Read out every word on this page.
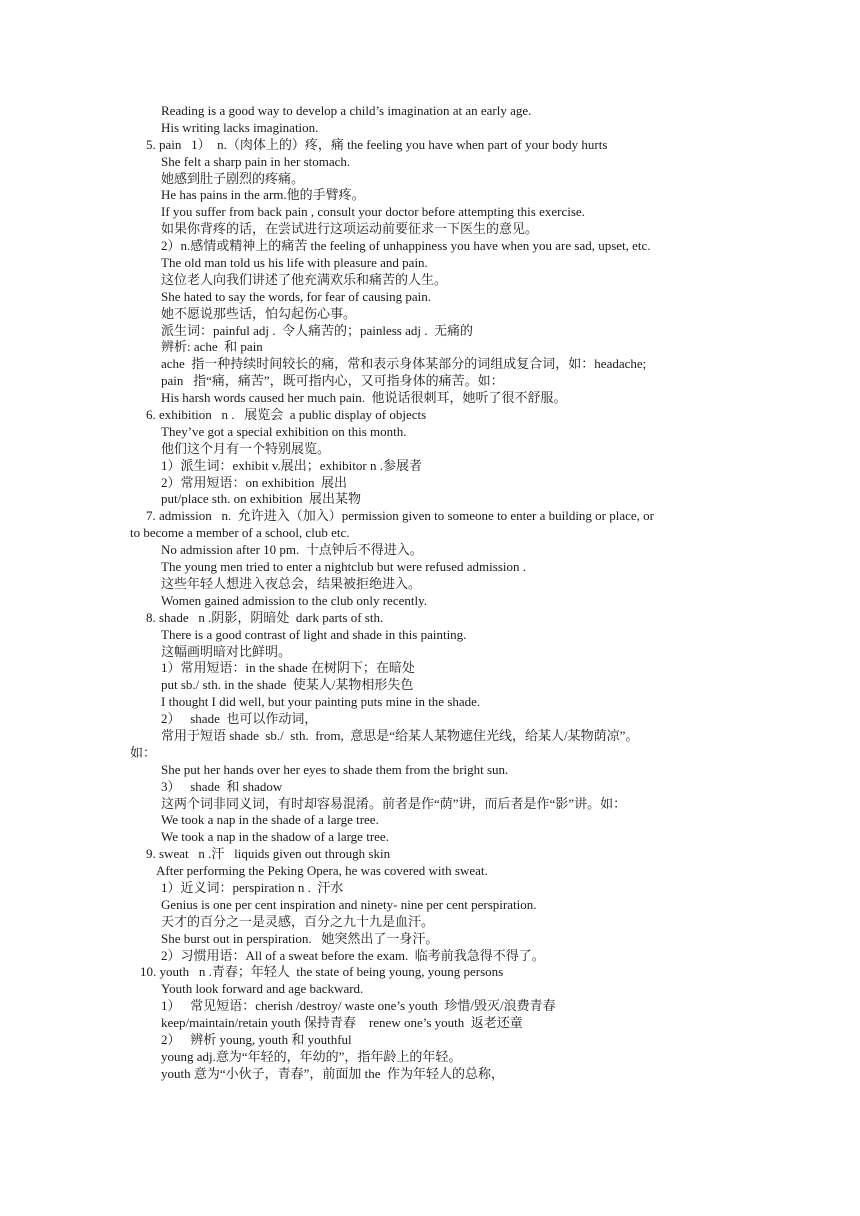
Reading is a good way to develop a child’s imagination at an early age.
His writing lacks imagination.
5. pain   1）  n.（肉体上的）疼，痛 the feeling you have when part of your body hurts
She felt a sharp pain in her stomach.
她感到肚子剧烈的疼痛。
He has pains in the arm.他的手臂疼。
If you suffer from back pain , consult your doctor before attempting this exercise.
如果你背疼的话，在尝试进行这项运动前要征求一下医生的意见。
2）n.感情或精神上的痛苦 the feeling of unhappiness you have when you are sad, upset, etc.
The old man told us his life with pleasure and pain.
这位老人向我们讲述了他充满欢乐和痛苦的人生。
She hated to say the words, for fear of causing pain.
她不愿说那些话，怕勾起伤心事。
派生词：painful adj .  令人痛苦的；painless adj .  无痛的
辨析: ache  和 pain
ache  指一种持续时间较长的痛，常和表示身体某部分的词组成复合词，如：headache;
pain   指“痛，痛苦”，既可指内心，又可指身体的痛苦。如：
His harsh words caused her much pain.  他说话很刺耳，她听了很不舒服。
6. exhibition   n .   展览会  a public display of objects
They’ve got a special exhibition on this month.
他们这个月有一个特别展览。
1）派生词：exhibit v.展出；exhibitor n .参展者
2）常用短语：on exhibition  展出
put/place sth. on exhibition  展出某物
7. admission   n.  允许进入（加入）permission given to someone to enter a building or place, or
to become a member of a school, club etc.
No admission after 10 pm.  十点钟后不得进入。
The young men tried to enter a nightclub but were refused admission .
这些年轻人想进入夜总会，结果被拒绝进入。
Women gained admission to the club only recently.
8. shade   n .阴影，阴暗处  dark parts of sth.
There is a good contrast of light and shade in this painting.
这幅画明暗对比鲜明。
1）常用短语：in the shade 在树阴下；在暗处
put sb./ sth. in the shade  使某人/某物相形失色
I thought I did well, but your painting puts mine in the shade.
2）   shade  也可以作动词，
常用于短语 shade  sb./  sth.  from,  意思是“给某人某物遮住光线，给某人/某物荫凉”。
如：
She put her hands over her eyes to shade them from the bright sun.
3）   shade  和 shadow
这两个词非同义词，有时却容易混淆。前者是作“荫”讲，而后者是作“影”讲。如：
We took a nap in the shade of a large tree.
We took a nap in the shadow of a large tree.
9. sweat   n .汗   liquids given out through skin
After performing the Peking Opera, he was covered with sweat.
1）近义词：perspiration n .  汗水
Genius is one per cent inspiration and ninety- nine per cent perspiration.
天才的百分之一是灵感，百分之九十九是血汗。
She burst out in perspiration.   她突然出了一身汗。
2）习惯用语：All of a sweat before the exam.  临考前我急得不得了。
10. youth   n .青春；年轻人  the state of being young, young persons
Youth look forward and age backward.
1）   常见短语：cherish /destroy/ waste one’s youth  珍惜/毁灭/浪费青春
keep/maintain/retain youth 保持青春    renew one’s youth  返老还童
2）   辨析 young, youth 和 youthful
young adj.意为“年轻的，年幼的”，指年龄上的年轻。
youth 意为“小伙子，青春”，前面加 the  作为年轻人的总称，
